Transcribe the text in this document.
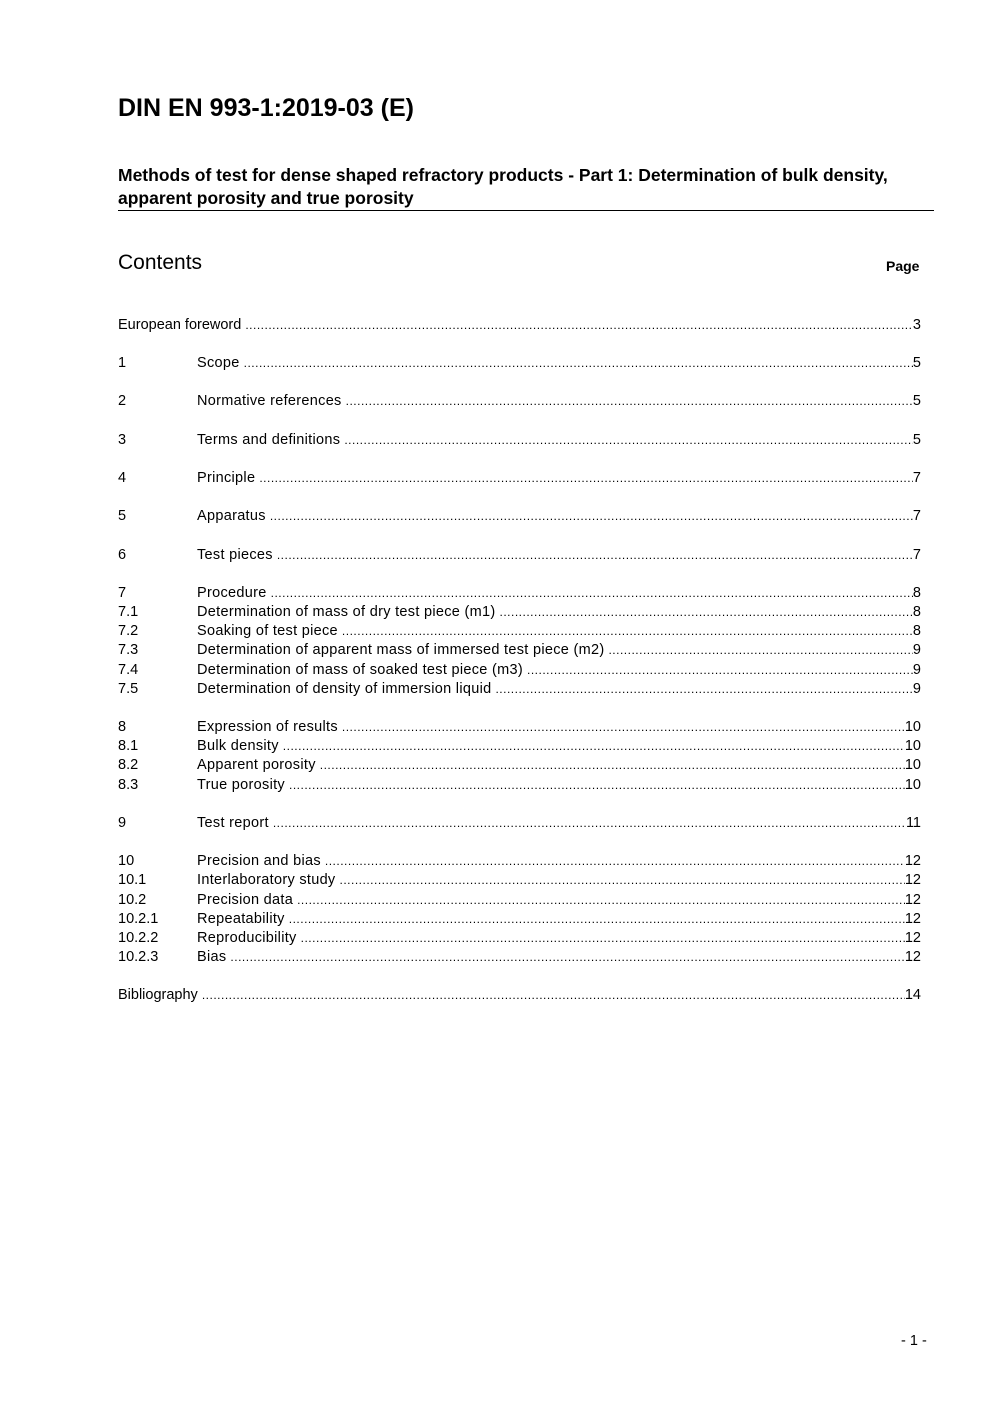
DIN EN 993-1:2019-03 (E)
Methods of test for dense shaped refractory products - Part 1: Determination of bulk density, apparent porosity and true porosity
Contents	Page
European foreword .....	3
1	Scope .....	5
2	Normative references .....	5
3	Terms and definitions .....	5
4	Principle .....	7
5	Apparatus .....	7
6	Test pieces .....	7
7	Procedure .....	8
7.1	Determination of mass of dry test piece (m1) .....	8
7.2	Soaking of test piece .....	8
7.3	Determination of apparent mass of immersed test piece (m2) .....	9
7.4	Determination of mass of soaked test piece (m3) .....	9
7.5	Determination of density of immersion liquid .....	9
8	Expression of results .....	10
8.1	Bulk density .....	10
8.2	Apparent porosity .....	10
8.3	True porosity .....	10
9	Test report .....	11
10	Precision and bias .....	12
10.1	Interlaboratory study .....	12
10.2	Precision data .....	12
10.2.1	Repeatability .....	12
10.2.2	Reproducibility .....	12
10.2.3	Bias .....	12
Bibliography .....	14
- 1 -
